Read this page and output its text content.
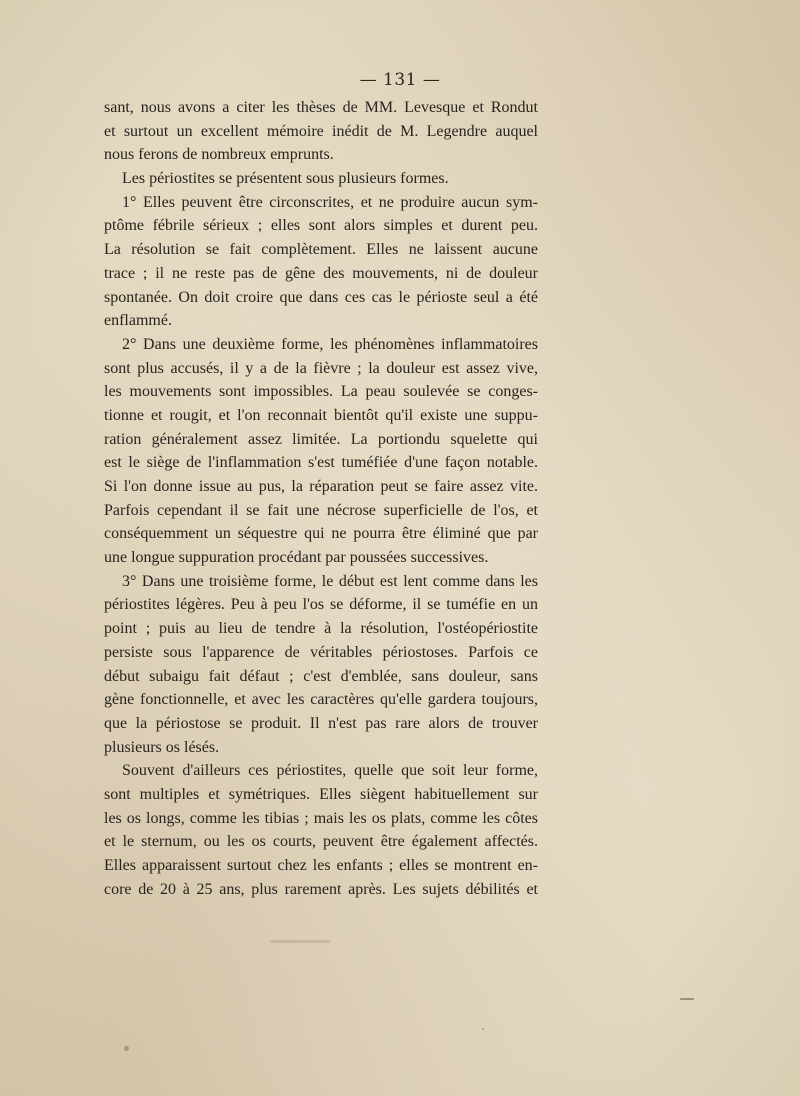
— 131 —
sant, nous avons a citer les thèses de MM. Levesque et Rondut
et surtout un excellent mémoire inédit de M. Legendre auquel
nous ferons de nombreux emprunts.
Les périostites se présentent sous plusieurs formes.
1° Elles peuvent être circonscrites, et ne produire aucun sym-
ptôme fébrile sérieux ; elles sont alors simples et durent peu.
La résolution se fait complètement. Elles ne laissent aucune
trace ; il ne reste pas de gêne des mouvements, ni de douleur
spontanée. On doit croire que dans ces cas le périoste seul a été
enflammé.
2° Dans une deuxième forme, les phénomènes inflammatoires
sont plus accusés, il y a de la fièvre ; la douleur est assez vive,
les mouvements sont impossibles. La peau soulevée se conges-
tionne et rougit, et l'on reconnait bientôt qu'il existe une suppu-
ration généralement assez limitée. La portiondu squelette qui
est le siège de l'inflammation s'est tuméfiée d'une façon notable.
Si l'on donne issue au pus, la réparation peut se faire assez vite.
Parfois cependant il se fait une nécrose superficielle de l'os, et
conséquemment un séquestre qui ne pourra être éliminé que par
une longue suppuration procédant par poussées successives.
3° Dans une troisième forme, le début est lent comme dans les
périostites légères. Peu à peu l'os se déforme, il se tuméfie en un
point ; puis au lieu de tendre à la résolution, l'ostéopériostite
persiste sous l'apparence de véritables périostoses. Parfois ce
début subaigu fait défaut ; c'est d'emblée, sans douleur, sans
gène fonctionnelle, et avec les caractères qu'elle gardera toujours,
que la périostose se produit. Il n'est pas rare alors de trouver
plusieurs os lésés.
Souvent d'ailleurs ces périostites, quelle que soit leur forme,
sont multiples et symétriques. Elles siègent habituellement sur
les os longs, comme les tibias ; mais les os plats, comme les côtes
et le sternum, ou les os courts, peuvent être également affectés.
Elles apparaissent surtout chez les enfants ; elles se montrent en-
core de 20 à 25 ans, plus rarement après. Les sujets débilités et
